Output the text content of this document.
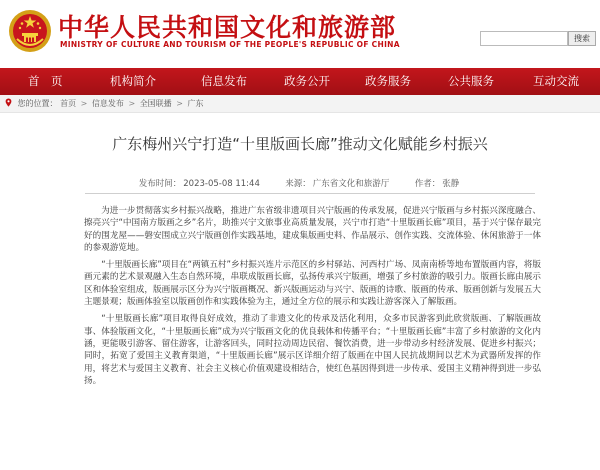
中华人民共和国文化和旅游部
MINISTRY OF CULTURE AND TOURISM OF THE PEOPLE'S REPUBLIC OF CHINA
搜索
首　页	机构简介	信息发布	政务公开	政务服务	公共服务	互动交流
您的位置： 首页 > 信息发布 > 全国联播 > 广东
广东梅州兴宁打造“十里版画长廊”推动文化赋能乡村振兴
发布时间： 2023-05-08 11:44	来源： 广东省文化和旅游厅	作者： 张静

为进一步贯彻落实乡村振兴战略，推进广东省级非遗项目兴宁版画的传承发展，促进兴宁版画与乡村振兴深度融合、擦亮兴宁“中国南方版画之乡”名片，助推兴宁文旅事业高质量发展，兴宁市打造“十里版画长廊”项目，基于兴宁保存最完好的围龙屋——磐安围成立兴宁版画创作实践基地，建成集版画史料、作品展示、创作实践、交流体验、休闲旅游于一体的参观游览地。

“十里版画长廊”项目在“两镇五村”乡村振兴连片示范区的乡村驿站、河西村广场、凤南南桥等地布置版画内容，将版画元素的艺术景观融入生态自然环境，串联成版画长廊，弘扬传承兴宁版画，增强了乡村旅游的吸引力。版画长廊由展示区和体验室组成，版画展示区分为兴宁版画概况、新兴版画运动与兴宁、版画的诗歌、版画的传承、版画创新与发展五大主题景观；版画体验室以版画创作和实践体验为主，通过全方位的展示和实践让游客深入了解版画。

“十里版画长廊”项目取得良好成效，推动了非遗文化的传承及活化利用，众多市民游客到此欣赏版画、了解版画故事、体验版画文化，“十里版画长廊”成为兴宁版画文化的优良载体和传播平台；“十里版画长廊”丰富了乡村旅游的文化内涵，更能吸引游客、留住游客，让游客回头，同时拉动周边民宿、餐饮消费，进一步带动乡村经济发展、促进乡村振兴；同时，拓宽了爱国主义教育渠道，“十里版画长廊”展示区详细介绍了版画在中国人民抗战期间以艺术为武器所发挥的作用，将艺术与爱国主义教育、社会主义核心价值观建设相结合，使红色基因得到进一步传承、爱国主义精神得到进一步弘扬。
